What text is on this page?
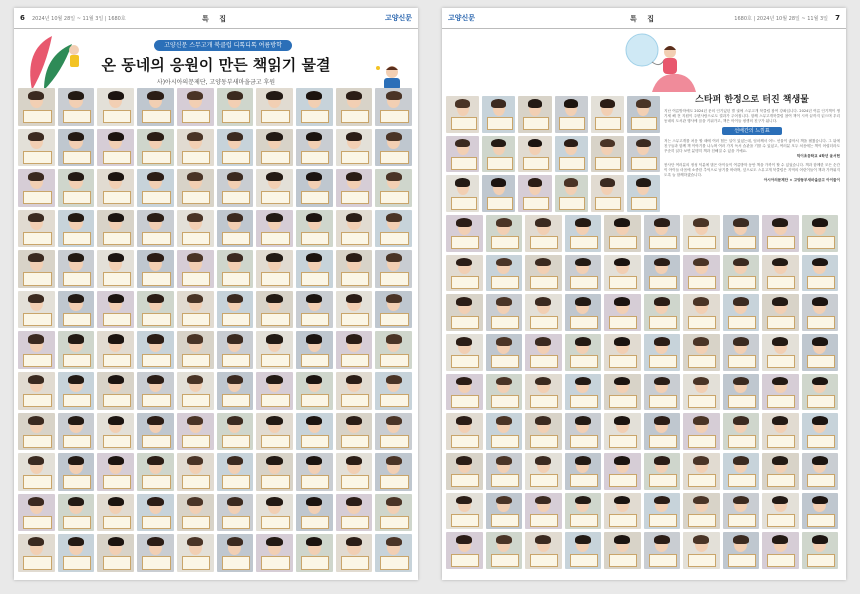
6 2024년 10월 28일 ~ 11월 3일 | 1680호	특 집	고양신문
고양신문 스무고개 북클럽 디톡디톡 여름방학
온 동네의 응원이 만든 책읽기 물결
사)아시아의문제단, 고양동부새마을금고 후원
고양신문	특 집	1680호 | 2024년 10월 28일 ~ 11월 3일 7
스타퍼 한정으로 터진 책생물
지난 여름방학에도 2024년 문의 인기있던 별 권에 스무고개 북클럽 참여 강좌입니다. 2024년 여름 인기책이 생기세 해 전 지원이 주변사람으로도 결과가 주어집니다. 함께 스무고개북클럽 참여 책이 시작 끝까지 읽으며 우리 동네의 도서관 행사에 꿈을 키워가고, 책은 아이들 평생의 친구가 됩니다.
선배간의 느낌표
저는 스무고개를 처음 할 때에 여러 힘든 일이 있었는데, 엄마께서 어느 선물이 좋아서 책을 펼쳤습니다. 그 뒤에 친구들과 함께 책 이야기를 나누며 여러 가지 독서 습관을 기를 수 있었고, 여러분 모두 처음에는 책이 어렵더라도 꾸준히 읽다 보면 분명히 책과 친해질 수 있을 거예요.
덕이초등학교 4학년 윤서현
봉사단 여러분의 정성 덕분에 많은 아이들이 여름방학 동안 책을 가까이 할 수 있었습니다. 책과 함께한 모든 순간이 아이들 마음에 소중한 추억으로 남기를 바라며, 앞으로도 스무고개 북클럽은 지역의 어린이들이 책과 가까워지도록 늘 함께하겠습니다.
아시아의문제단 × 고양동부새마을금고 아이들이
